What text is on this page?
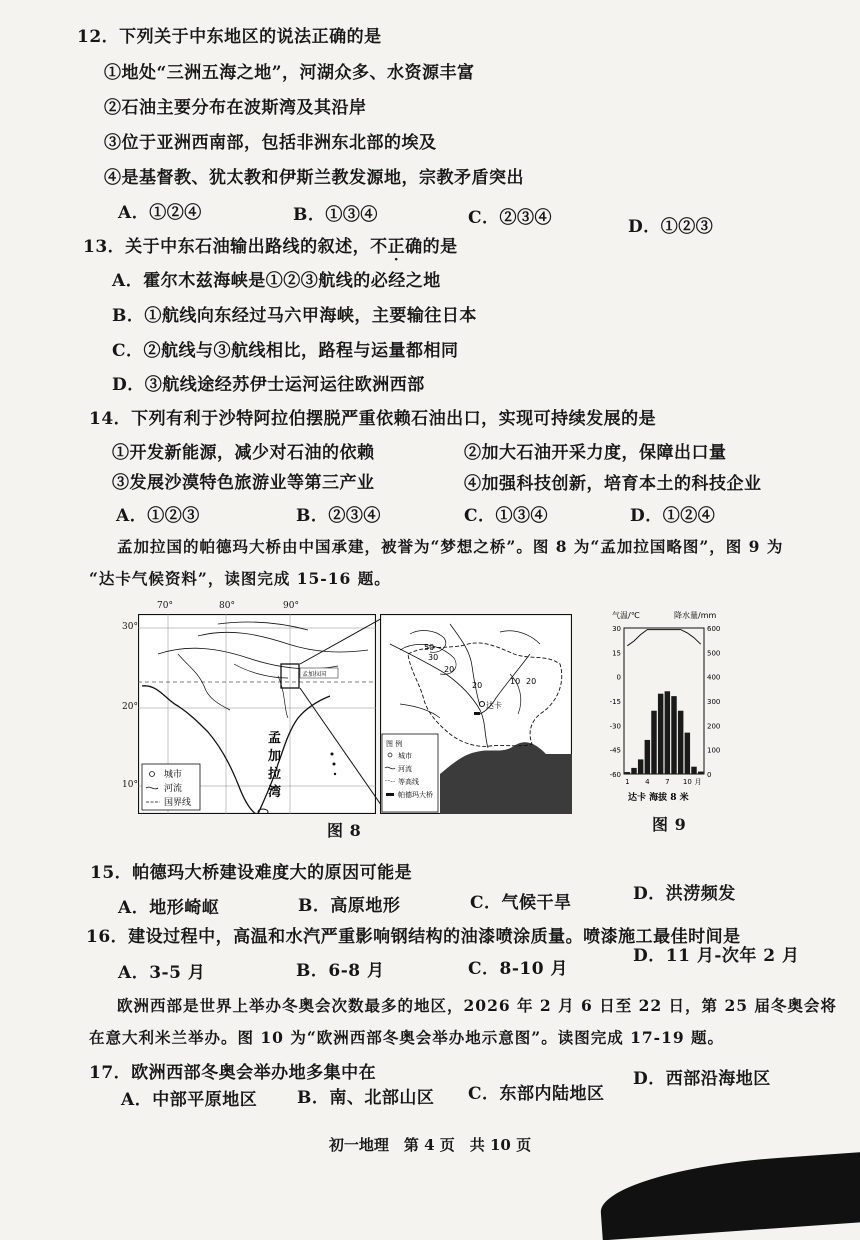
12．下列关于中东地区的说法正确的是
①地处“三洲五海之地”，河湖众多、水资源丰富
②石油主要分布在波斯湾及其沿岸
③位于亚洲西南部，包括非洲东北部的埃及
④是基督教、犹太教和伊斯兰教发源地，宗教矛盾突出
A．①②④	B．①③④	C．②③④	D．①②③
13．关于中东石油输出路线的叙述，不正确的是
A．霍尔木兹海峡是①②③航线的必经之地
B．①航线向东经过马六甲海峡，主要输往日本
C．②航线与③航线相比，路程与运量都相同
D．③航线途经苏伊士运河运往欧洲西部
14．下列有利于沙特阿拉伯摆脱严重依赖石油出口，实现可持续发展的是
①开发新能源，减少对石油的依赖	②加大石油开采力度，保障出口量
③发展沙漠特色旅游业等第三产业	④加强科技创新，培育本土的科技企业
A．①②③	B．②③④	C．①③④	D．①②④
孟加拉国的帕德玛大桥由中国承建，被誉为“梦想之桥”。图 8 为“孟加拉国略图”，图 9 为
“达卡气候资料”，读图完成 15-16 题。
孟加拉国
孟
加
拉
湾
城市
河流
国界线
70°	80°	90°
30°
20°
10°
50
30
20
20	10 20
达卡
图 例
城市
河流
等高线
帕德玛大桥
图 8
气温/℃	降水量/mm
30
15
0
-15
-30
-45
-60
600
500
400
300
200
100
0
1 4 7 10 月
达卡 海拔 8 米
图 9
15．帕德玛大桥建设难度大的原因可能是
A．地形崎岖	B．高原地形	C．气候干旱	D．洪涝频发
16．建设过程中，高温和水汽严重影响钢结构的油漆喷涂质量。喷漆施工最佳时间是
A．3-5 月	B．6-8 月	C．8-10 月
D．11 月-次年 2 月
欧洲西部是世界上举办冬奥会次数最多的地区，2026 年 2 月 6 日至 22 日，第 25 届冬奥会将
在意大利米兰举办。图 10 为“欧洲西部冬奥会举办地示意图”。读图完成 17-19 题。
17．欧洲西部冬奥会举办地多集中在
A．中部平原地区 B．南、北部山区 C．东部内陆地区
D．西部沿海地区
初一地理　第 4 页　共 10 页
